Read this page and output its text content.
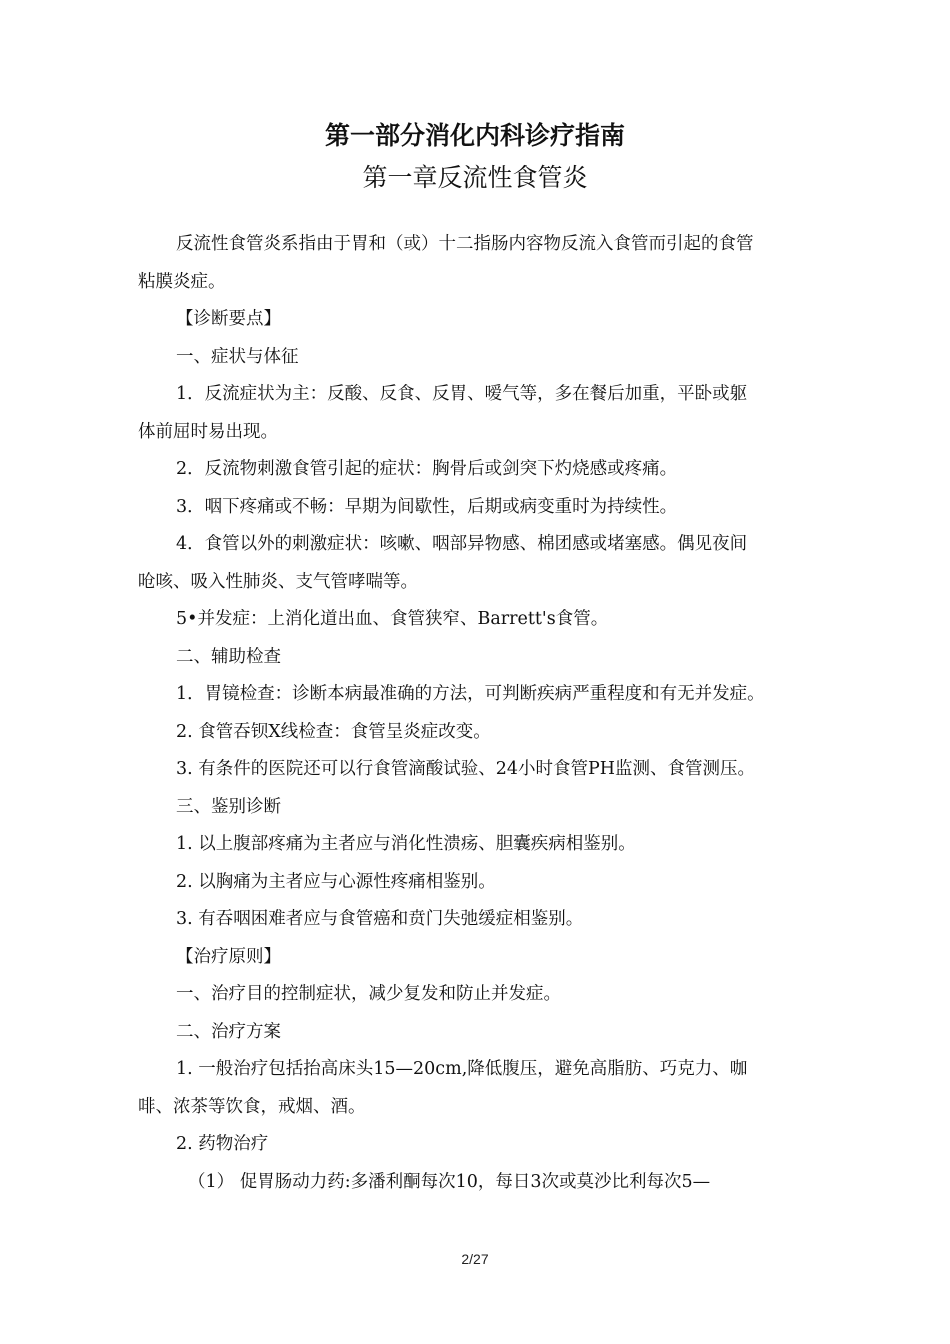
第一部分消化内科诊疗指南
第一章反流性食管炎

反流性食管炎系指由于胃和（或）十二指肠内容物反流入食管而引起的食管

粘膜炎症。

【诊断要点】

一、症状与体征

1．反流症状为主：反酸、反食、反胃、嗳气等，多在餐后加重，平卧或躯

体前屈时易出现。

2．反流物刺激食管引起的症状：胸骨后或剑突下灼烧感或疼痛。

3．咽下疼痛或不畅：早期为间歇性，后期或病变重时为持续性。

4．食管以外的刺激症状：咳嗽、咽部异物感、棉团感或堵塞感。偶见夜间

呛咳、吸入性肺炎、支气管哮喘等。

5•并发症：上消化道出血、食管狭窄、Barrett's食管。

二、辅助检查

1．胃镜检查：诊断本病最准确的方法，可判断疾病严重程度和有无并发症。

2. 食管吞钡X线检查：食管呈炎症改变。

3. 有条件的医院还可以行食管滴酸试验、24小时食管PH监测、食管测压。

三、鉴别诊断

1. 以上腹部疼痛为主者应与消化性溃疡、胆囊疾病相鉴别。

2. 以胸痛为主者应与心源性疼痛相鉴别。

3. 有吞咽困难者应与食管癌和贲门失弛缓症相鉴别。

【治疗原则】

一、治疗目的控制症状，减少复发和防止并发症。

二、治疗方案

1. 一般治疗包括抬高床头15—20cm,降低腹压，避免高脂肪、巧克力、咖

啡、浓茶等饮食，戒烟、酒。

2. 药物治疗

（1） 促胃肠动力药:多潘利酮每次10，每日3次或莫沙比利每次5—

2/27
